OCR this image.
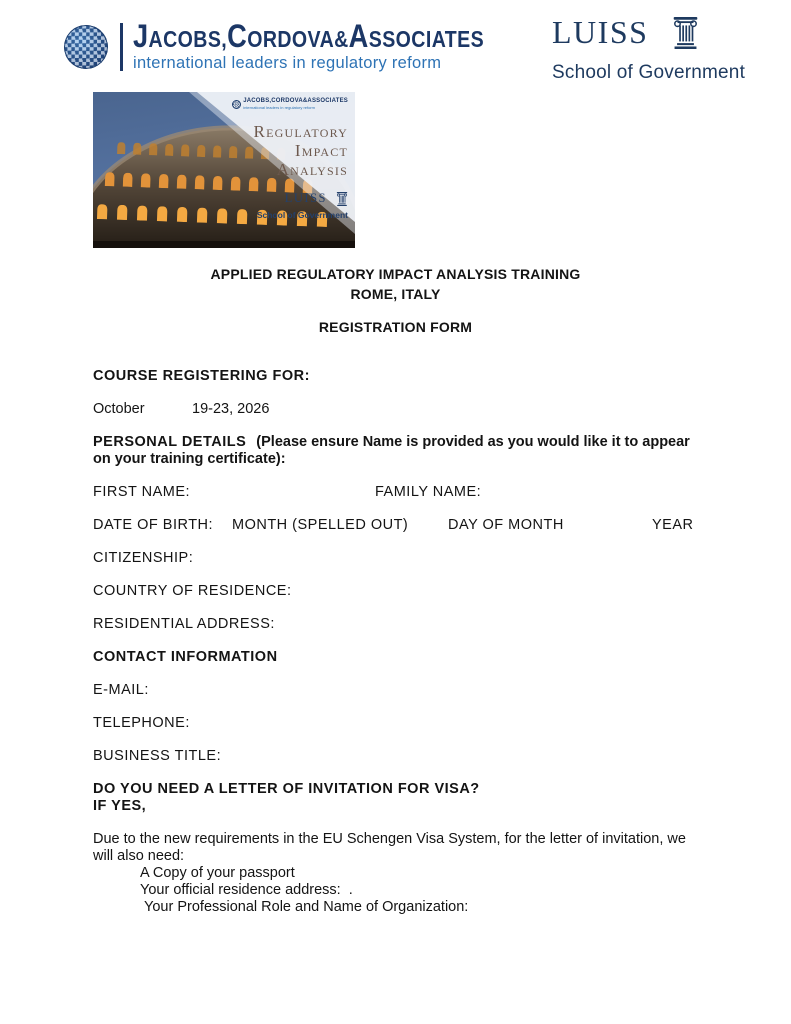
JACOBS,CORDOVA&ASSOCIATES
international leaders in regulatory reform
LUISS
School of Government
JACOBS,CORDOVA&ASSOCIATES
international leaders in regulatory reform
Regulatory
Impact
Analysis
LUISS
School of Government
APPLIED REGULATORY IMPACT ANALYSIS TRAINING
ROME, ITALY
REGISTRATION FORM

COURSE REGISTERING FOR:

October	19-23, 2026

PERSONAL DETAILS (Please ensure Name is provided as you would like it to appear on your training certificate):

FIRST NAME:	FAMILY NAME:

DATE OF BIRTH: MONTH (SPELLED OUT)	DAY OF MONTH	YEAR

CITIZENSHIP:

COUNTRY OF RESIDENCE:

RESIDENTIAL ADDRESS:

CONTACT INFORMATION

E-MAIL:

TELEPHONE:

BUSINESS TITLE:

DO YOU NEED A LETTER OF INVITATION FOR VISA?
IF YES,

Due to the new requirements in the EU Schengen Visa System, for the letter of invitation, we will also need:

A Copy of your passport
Your official residence address:  .
Your Professional Role and Name of Organization:
